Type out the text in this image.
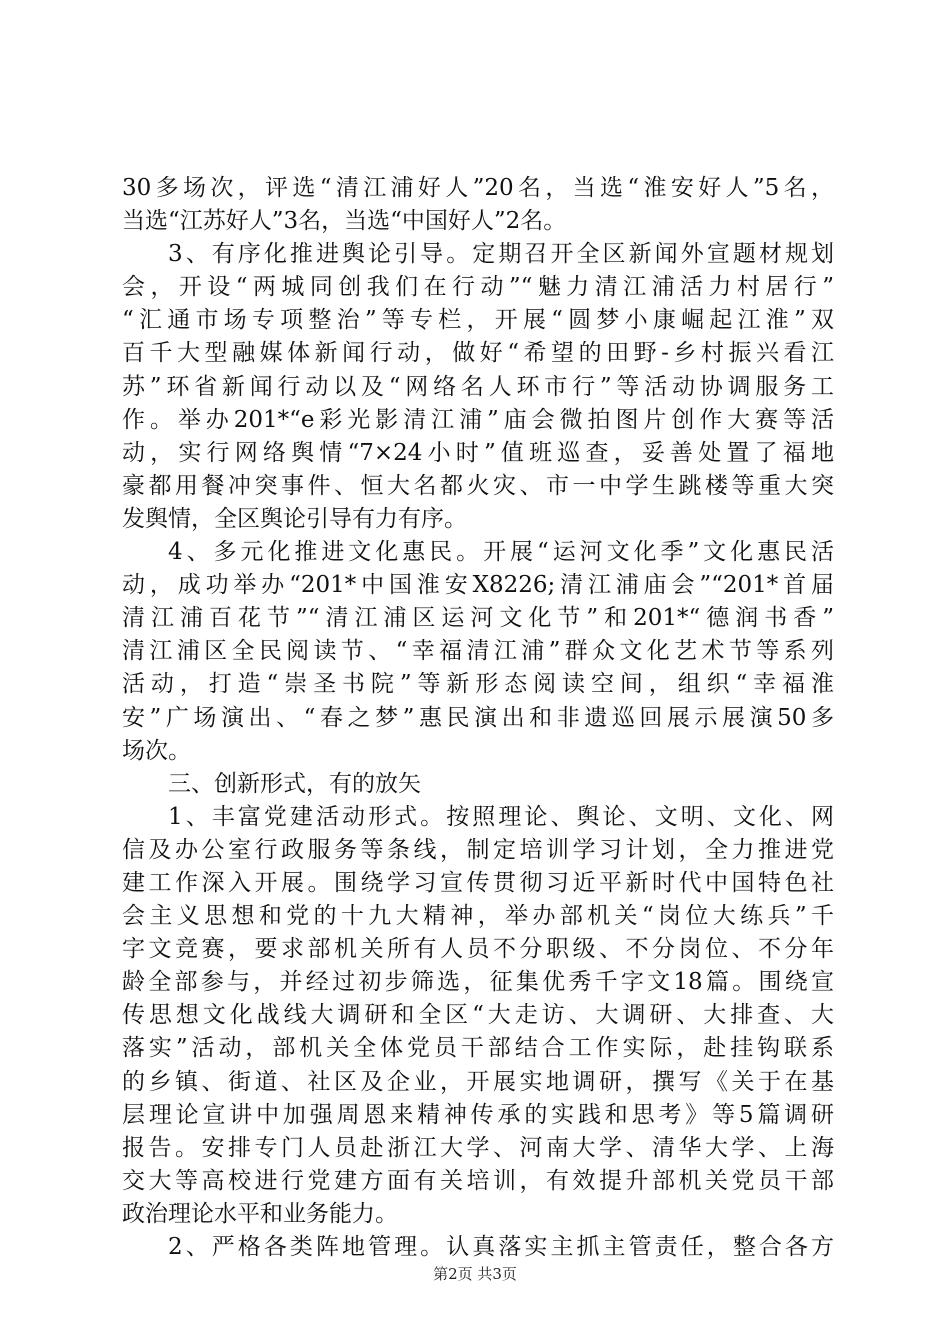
30多场次，评选“清江浦好人”20名，当选“淮安好人”5名，
当选“江苏好人”3名，当选“中国好人”2名。
3、有序化推进舆论引导。定期召开全区新闻外宣题材规划
会，开设“两城同创我们在行动”“魅力清江浦活力村居行”
“汇通市场专项整治”等专栏，开展“圆梦小康崛起江淮”双
百千大型融媒体新闻行动，做好“希望的田野-乡村振兴看江
苏”环省新闻行动以及“网络名人环市行”等活动协调服务工
作。举办201*“e彩光影清江浦”庙会微拍图片创作大赛等活
动，实行网络舆情“7×24小时”值班巡查，妥善处置了福地
豪都用餐冲突事件、恒大名都火灾、市一中学生跳楼等重大突
发舆情，全区舆论引导有力有序。
4、多元化推进文化惠民。开展“运河文化季”文化惠民活
动，成功举办“201*中国淮安X8226;清江浦庙会”“201*首届
清江浦百花节”“清江浦区运河文化节”和201*“德润书香”
清江浦区全民阅读节、“幸福清江浦”群众文化艺术节等系列
活动，打造“崇圣书院”等新形态阅读空间，组织“幸福淮
安”广场演出、“春之梦”惠民演出和非遗巡回展示展演50多
场次。
三、创新形式，有的放矢
1、丰富党建活动形式。按照理论、舆论、文明、文化、网
信及办公室行政服务等条线，制定培训学习计划，全力推进党
建工作深入开展。围绕学习宣传贯彻习近平新时代中国特色社
会主义思想和党的十九大精神，举办部机关“岗位大练兵”千
字文竞赛，要求部机关所有人员不分职级、不分岗位、不分年
龄全部参与，并经过初步筛选，征集优秀千字文18篇。围绕宣
传思想文化战线大调研和全区“大走访、大调研、大排查、大
落实”活动，部机关全体党员干部结合工作实际，赴挂钩联系
的乡镇、街道、社区及企业，开展实地调研，撰写《关于在基
层理论宣讲中加强周恩来精神传承的实践和思考》等5篇调研
报告。安排专门人员赴浙江大学、河南大学、清华大学、上海
交大等高校进行党建方面有关培训，有效提升部机关党员干部
政治理论水平和业务能力。
2、严格各类阵地管理。认真落实主抓主管责任，整合各方
第2页 共3页
